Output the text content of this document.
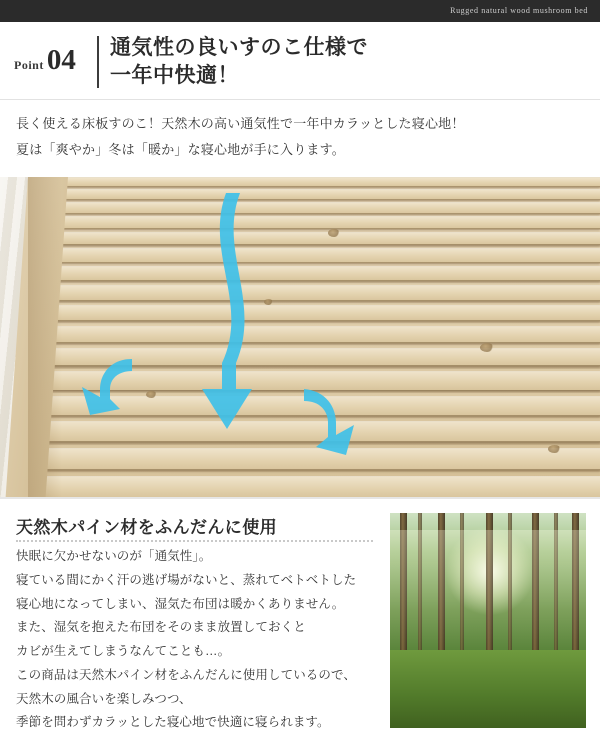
Rugged natural wood mushroom bed
Point 04 通気性の良いすのこ仕様で
一年中快適！

長く使える床板すのこ！天然木の高い通気性で一年中カラッとした寝心地！

夏は「爽やか」冬は「暖か」な寝心地が手に入ります。

天然木パイン材をふんだんに使用

快眠に欠かせないのが「通気性」。

寝ている間にかく汗の逃げ場がないと、蒸れてベトベトした

寝心地になってしまい、湿気た布団は暖かくありません。

また、湿気を抱えた布団をそのまま放置しておくと

カビが生えてしまうなんてことも…。

この商品は天然木パイン材をふんだんに使用しているので、

天然木の風合いを楽しみつつ、

季節を問わずカラッとした寝心地で快適に寝られます。
